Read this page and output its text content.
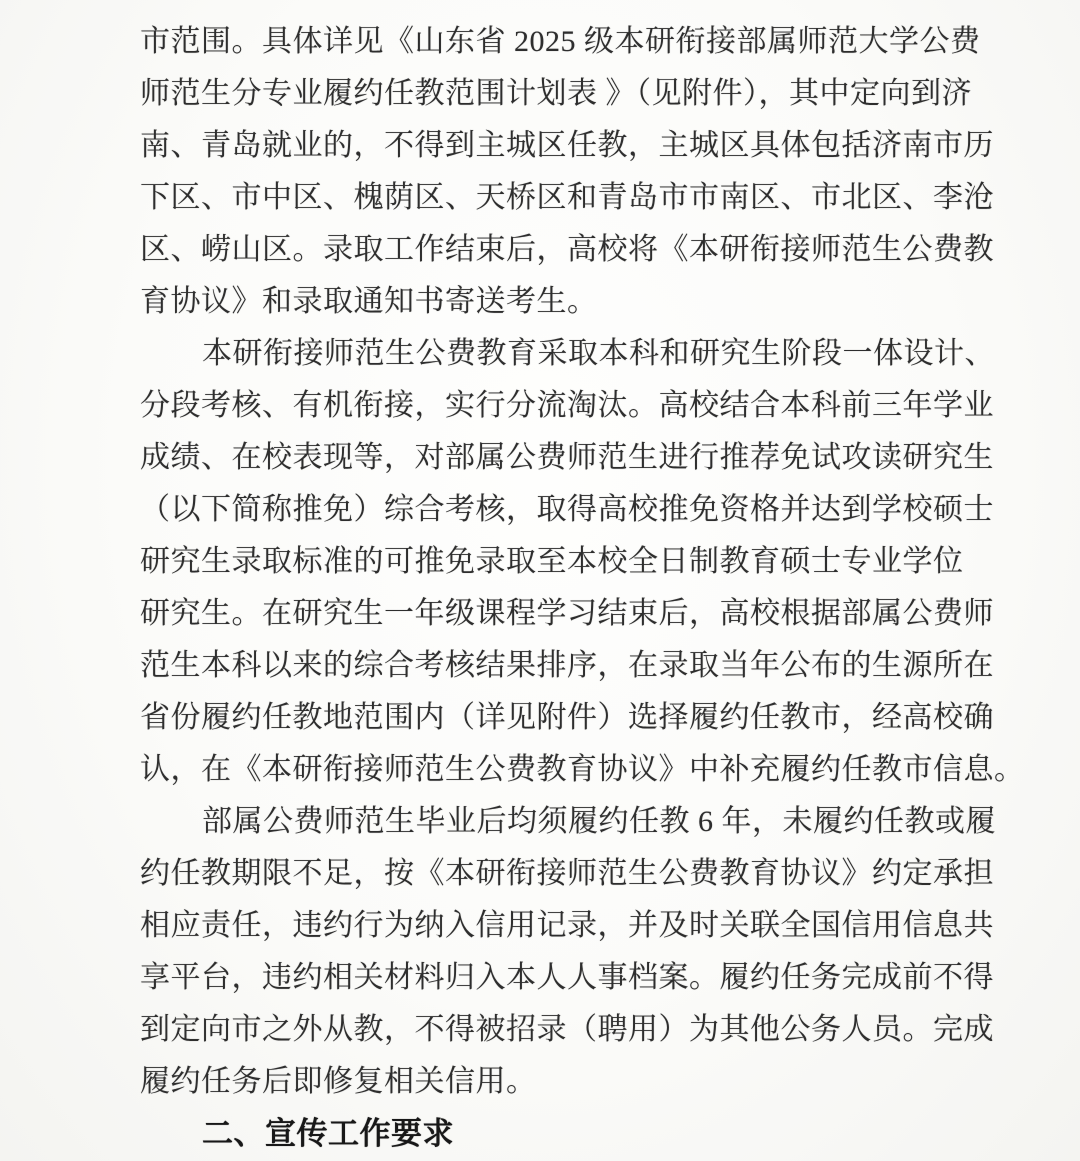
市范围。具体详见《山东省 2025 级本研衔接部属师范大学公费
师范生分专业履约任教范围计划表 》（见附件），其中定向到济
南、青岛就业的，不得到主城区任教，主城区具体包括济南市历
下区、市中区、槐荫区、天桥区和青岛市市南区、市北区、李沧
区、崂山区。录取工作结束后，高校将《本研衔接师范生公费教
育协议》和录取通知书寄送考生。
本研衔接师范生公费教育采取本科和研究生阶段一体设计、
分段考核、有机衔接，实行分流淘汰。高校结合本科前三年学业
成绩、在校表现等，对部属公费师范生进行推荐免试攻读研究生
（以下简称推免）综合考核，取得高校推免资格并达到学校硕士
研究生录取标准的可推免录取至本校全日制教育硕士专业学位
研究生。在研究生一年级课程学习结束后，高校根据部属公费师
范生本科以来的综合考核结果排序，在录取当年公布的生源所在
省份履约任教地范围内（详见附件）选择履约任教市，经高校确
认，在《本研衔接师范生公费教育协议》中补充履约任教市信息。
部属公费师范生毕业后均须履约任教 6 年，未履约任教或履
约任教期限不足，按《本研衔接师范生公费教育协议》约定承担
相应责任，违约行为纳入信用记录，并及时关联全国信用信息共
享平台，违约相关材料归入本人人事档案。履约任务完成前不得
到定向市之外从教，不得被招录（聘用）为其他公务人员。完成
履约任务后即修复相关信用。
二、宣传工作要求
